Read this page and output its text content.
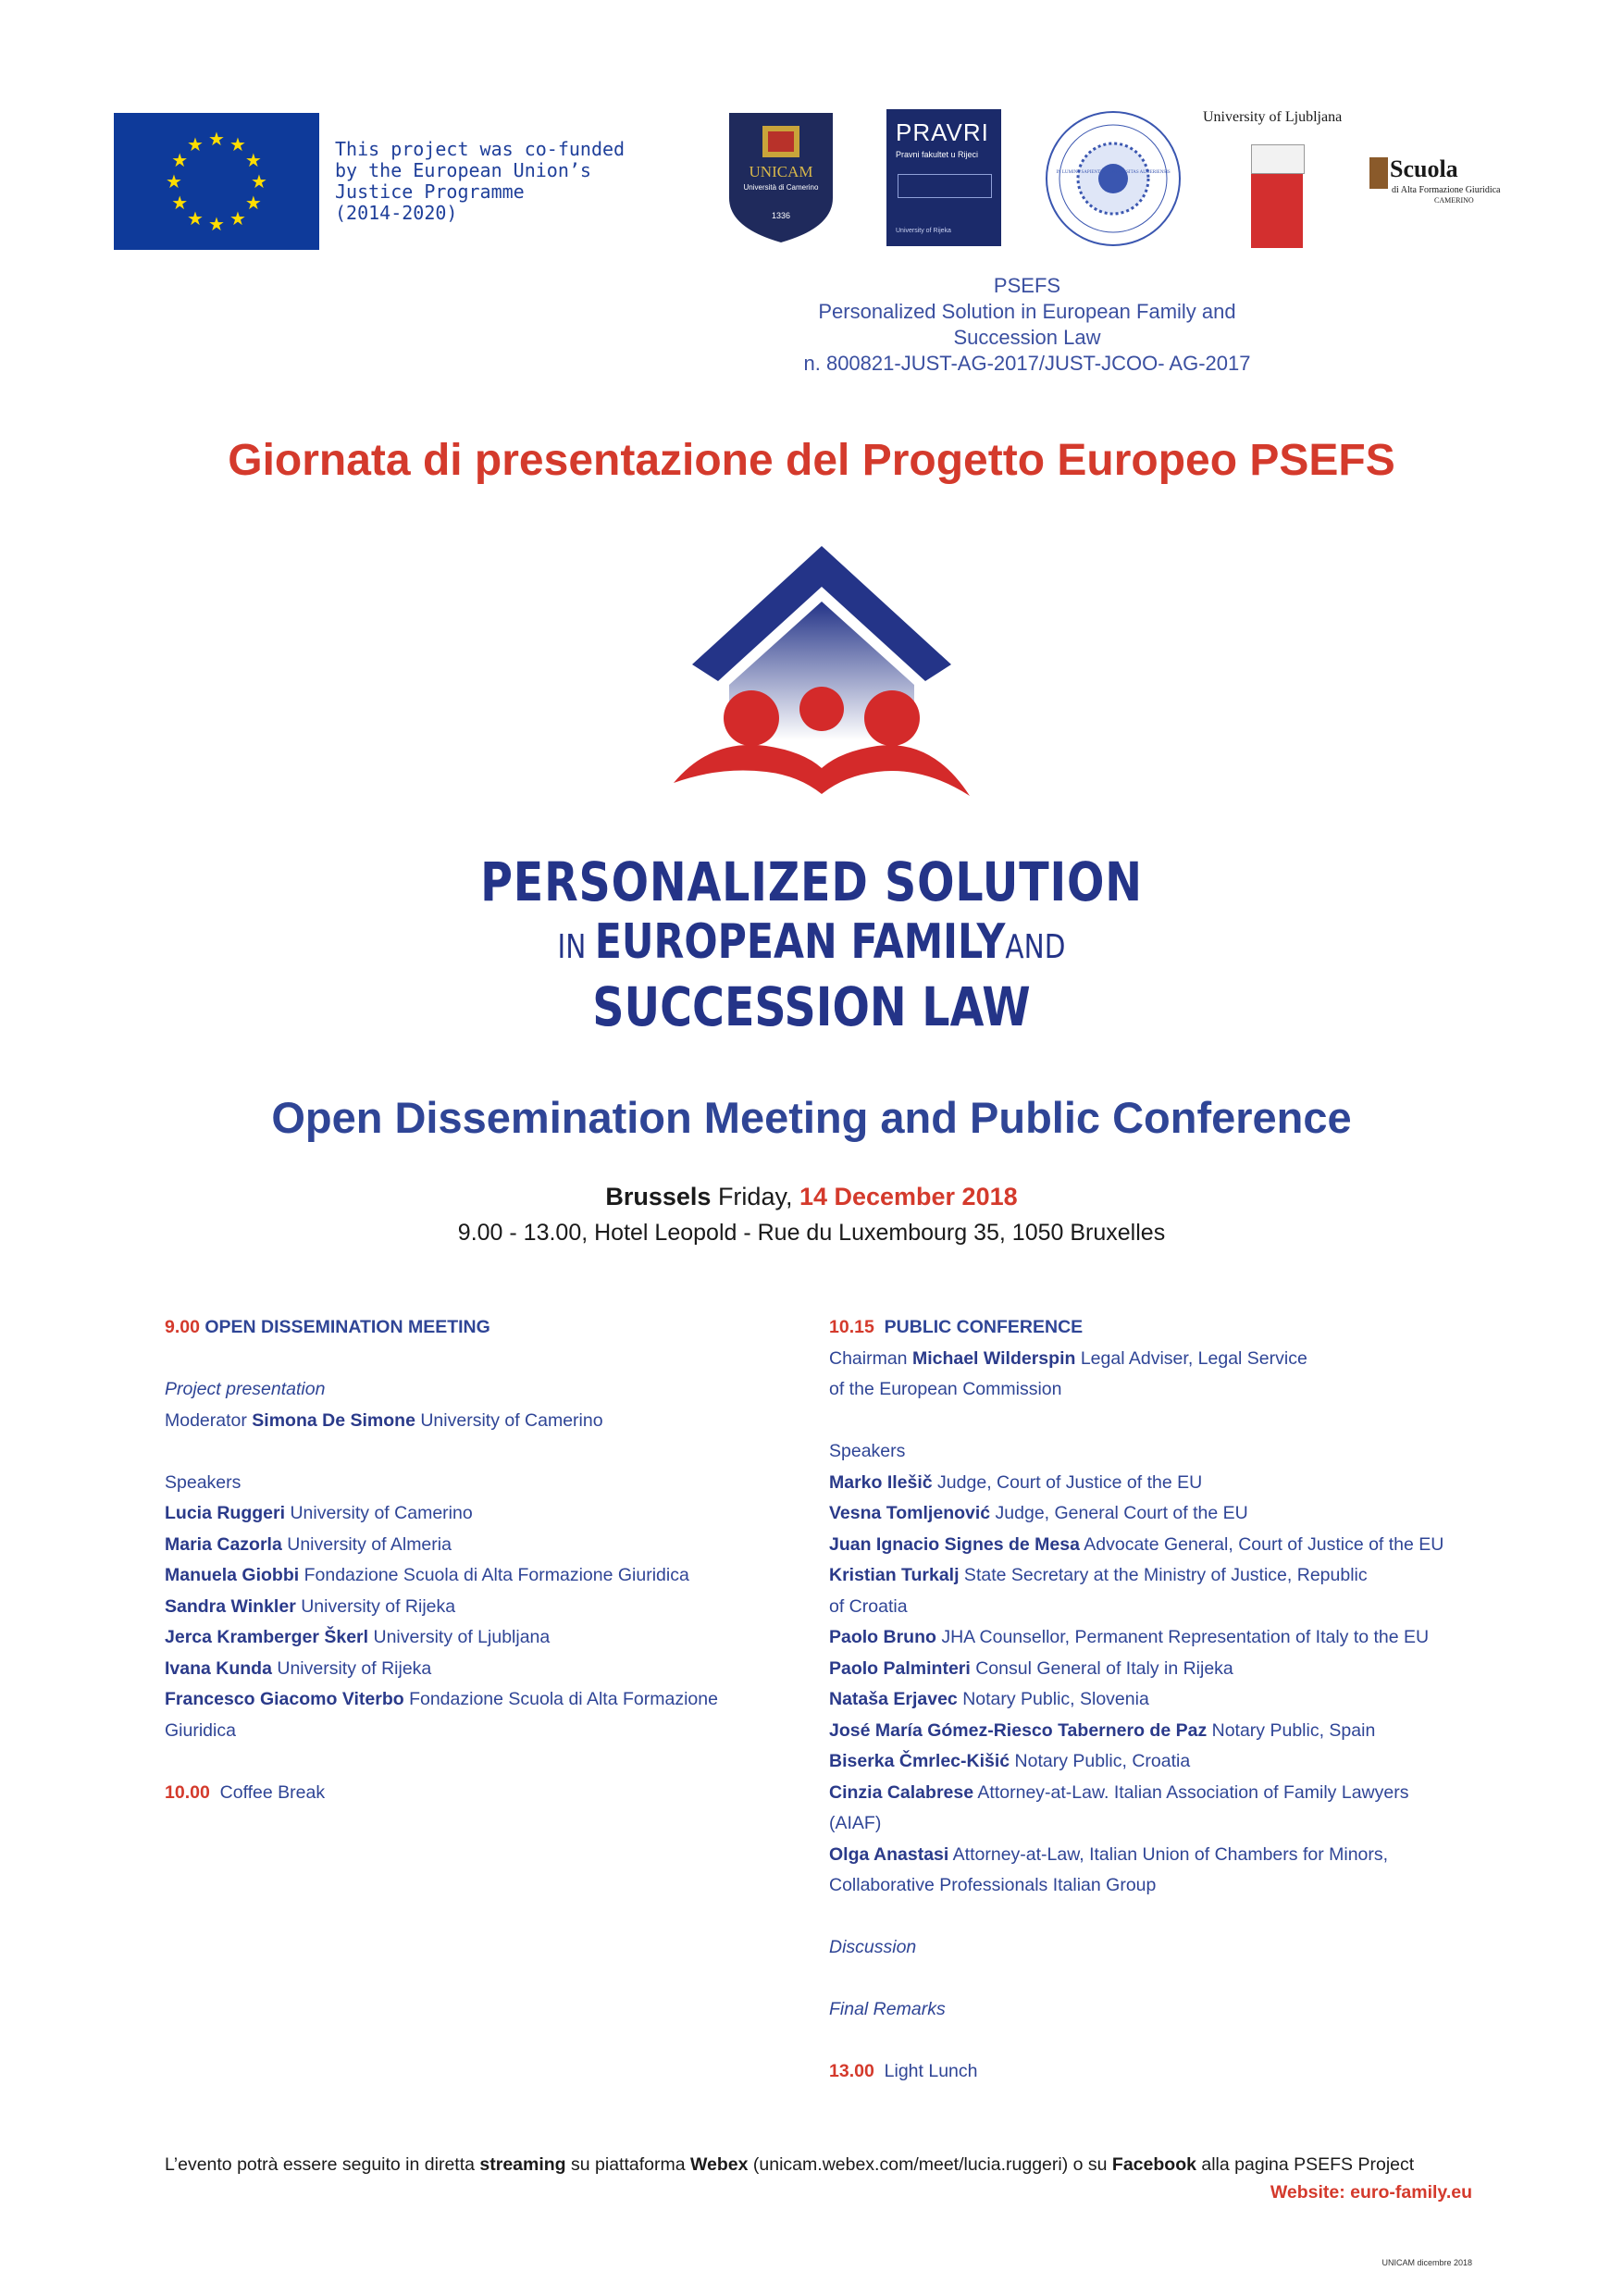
★ ★
★
★
★
★
★
★
★
★
★
★	This project was co-funded
by the European Union’s
Justice Programme
(2014-2020)
UNICAM
Università di Camerino
1336
PRAVRI
Pravni fakultet u Rijeci
University of Rijeka
IN LUMINE SAPIENTIA · UNIVERSITAS ALMERIENSIS
University of Ljubljana
Scuola
di Alta Formazione Giuridica
CAMERINO
PSEFS
Personalized Solution in European Family and Succession Law
n. 800821-JUST-AG-2017/JUST-JCOO- AG-2017
Giornata di presentazione del Progetto Europeo PSEFS
PERSONALIZED SOLUTION
IN EUROPEAN FAMILYAND
SUCCESSION LAW
Open Dissemination Meeting and Public Conference
Brussels Friday, 14 December 2018
9.00 - 13.00, Hotel Leopold - Rue du Luxembourg 35, 1050 Bruxelles
9.00 OPEN DISSEMINATION MEETING
Project presentation
Moderator Simona De Simone University of Camerino
Speakers
Lucia Ruggeri University of Camerino
Maria Cazorla University of Almeria
Manuela Giobbi Fondazione Scuola di Alta Formazione Giuridica
Sandra Winkler University of Rijeka
Jerca Kramberger Škerl University of Ljubljana
Ivana Kunda University of Rijeka
Francesco Giacomo Viterbo Fondazione Scuola di Alta Formazione
Giuridica
10.00  Coffee Break
10.15  PUBLIC CONFERENCE
Chairman Michael Wilderspin Legal Adviser, Legal Service
of the European Commission
Speakers
Marko Ilešič Judge, Court of Justice of the EU
Vesna Tomljenović Judge, General Court of the EU
Juan Ignacio Signes de Mesa Advocate General, Court of Justice of the EU
Kristian Turkalj State Secretary at the Ministry of Justice, Republic
of Croatia
Paolo Bruno JHA Counsellor, Permanent Representation of Italy to the EU
Paolo Palminteri Consul General of Italy in Rijeka
Nataša Erjavec Notary Public, Slovenia
José María Gómez-Riesco Tabernero de Paz Notary Public, Spain
Biserka Čmrlec-Kišić Notary Public, Croatia
Cinzia Calabrese Attorney-at-Law. Italian Association of Family Lawyers
(AIAF)
Olga Anastasi Attorney-at-Law, Italian Union of Chambers for Minors,
Collaborative Professionals Italian Group
Discussion
Final Remarks
13.00  Light Lunch
L’evento potrà essere seguito in diretta streaming su piattaforma Webex (unicam.webex.com/meet/lucia.ruggeri) o su Facebook alla pagina PSEFS Project
Website: euro-family.eu
UNICAM dicembre 2018
